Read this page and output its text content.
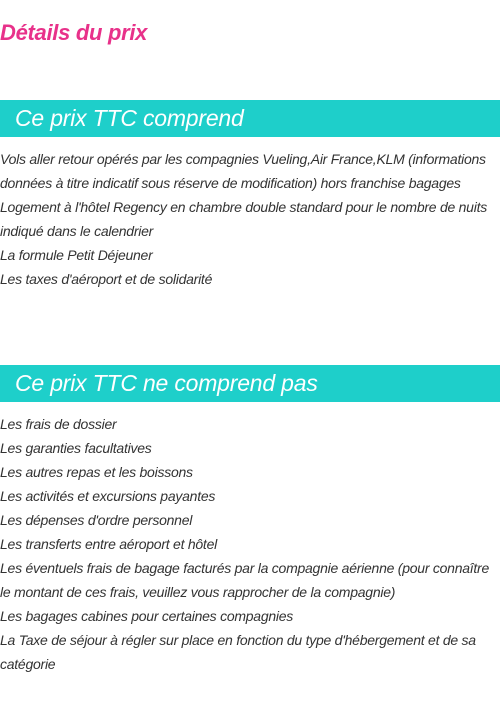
Détails du prix
Ce prix TTC comprend
Vols aller retour opérés par les compagnies Vueling,Air France,KLM (informations données à titre indicatif sous réserve de modification) hors franchise bagages
Logement à l'hôtel Regency en chambre double standard pour le nombre de nuits indiqué dans le calendrier
La formule Petit Déjeuner
Les taxes d'aéroport et de solidarité
Ce prix TTC ne comprend pas
Les frais de dossier
Les garanties facultatives
Les autres repas et les boissons
Les activités et excursions payantes
Les dépenses d'ordre personnel
Les transferts entre aéroport et hôtel
Les éventuels frais de bagage facturés par la compagnie aérienne (pour connaître le montant de ces frais, veuillez vous rapprocher de la compagnie)
Les bagages cabines pour certaines compagnies
La Taxe de séjour à régler sur place en fonction du type d'hébergement et de sa catégorie
